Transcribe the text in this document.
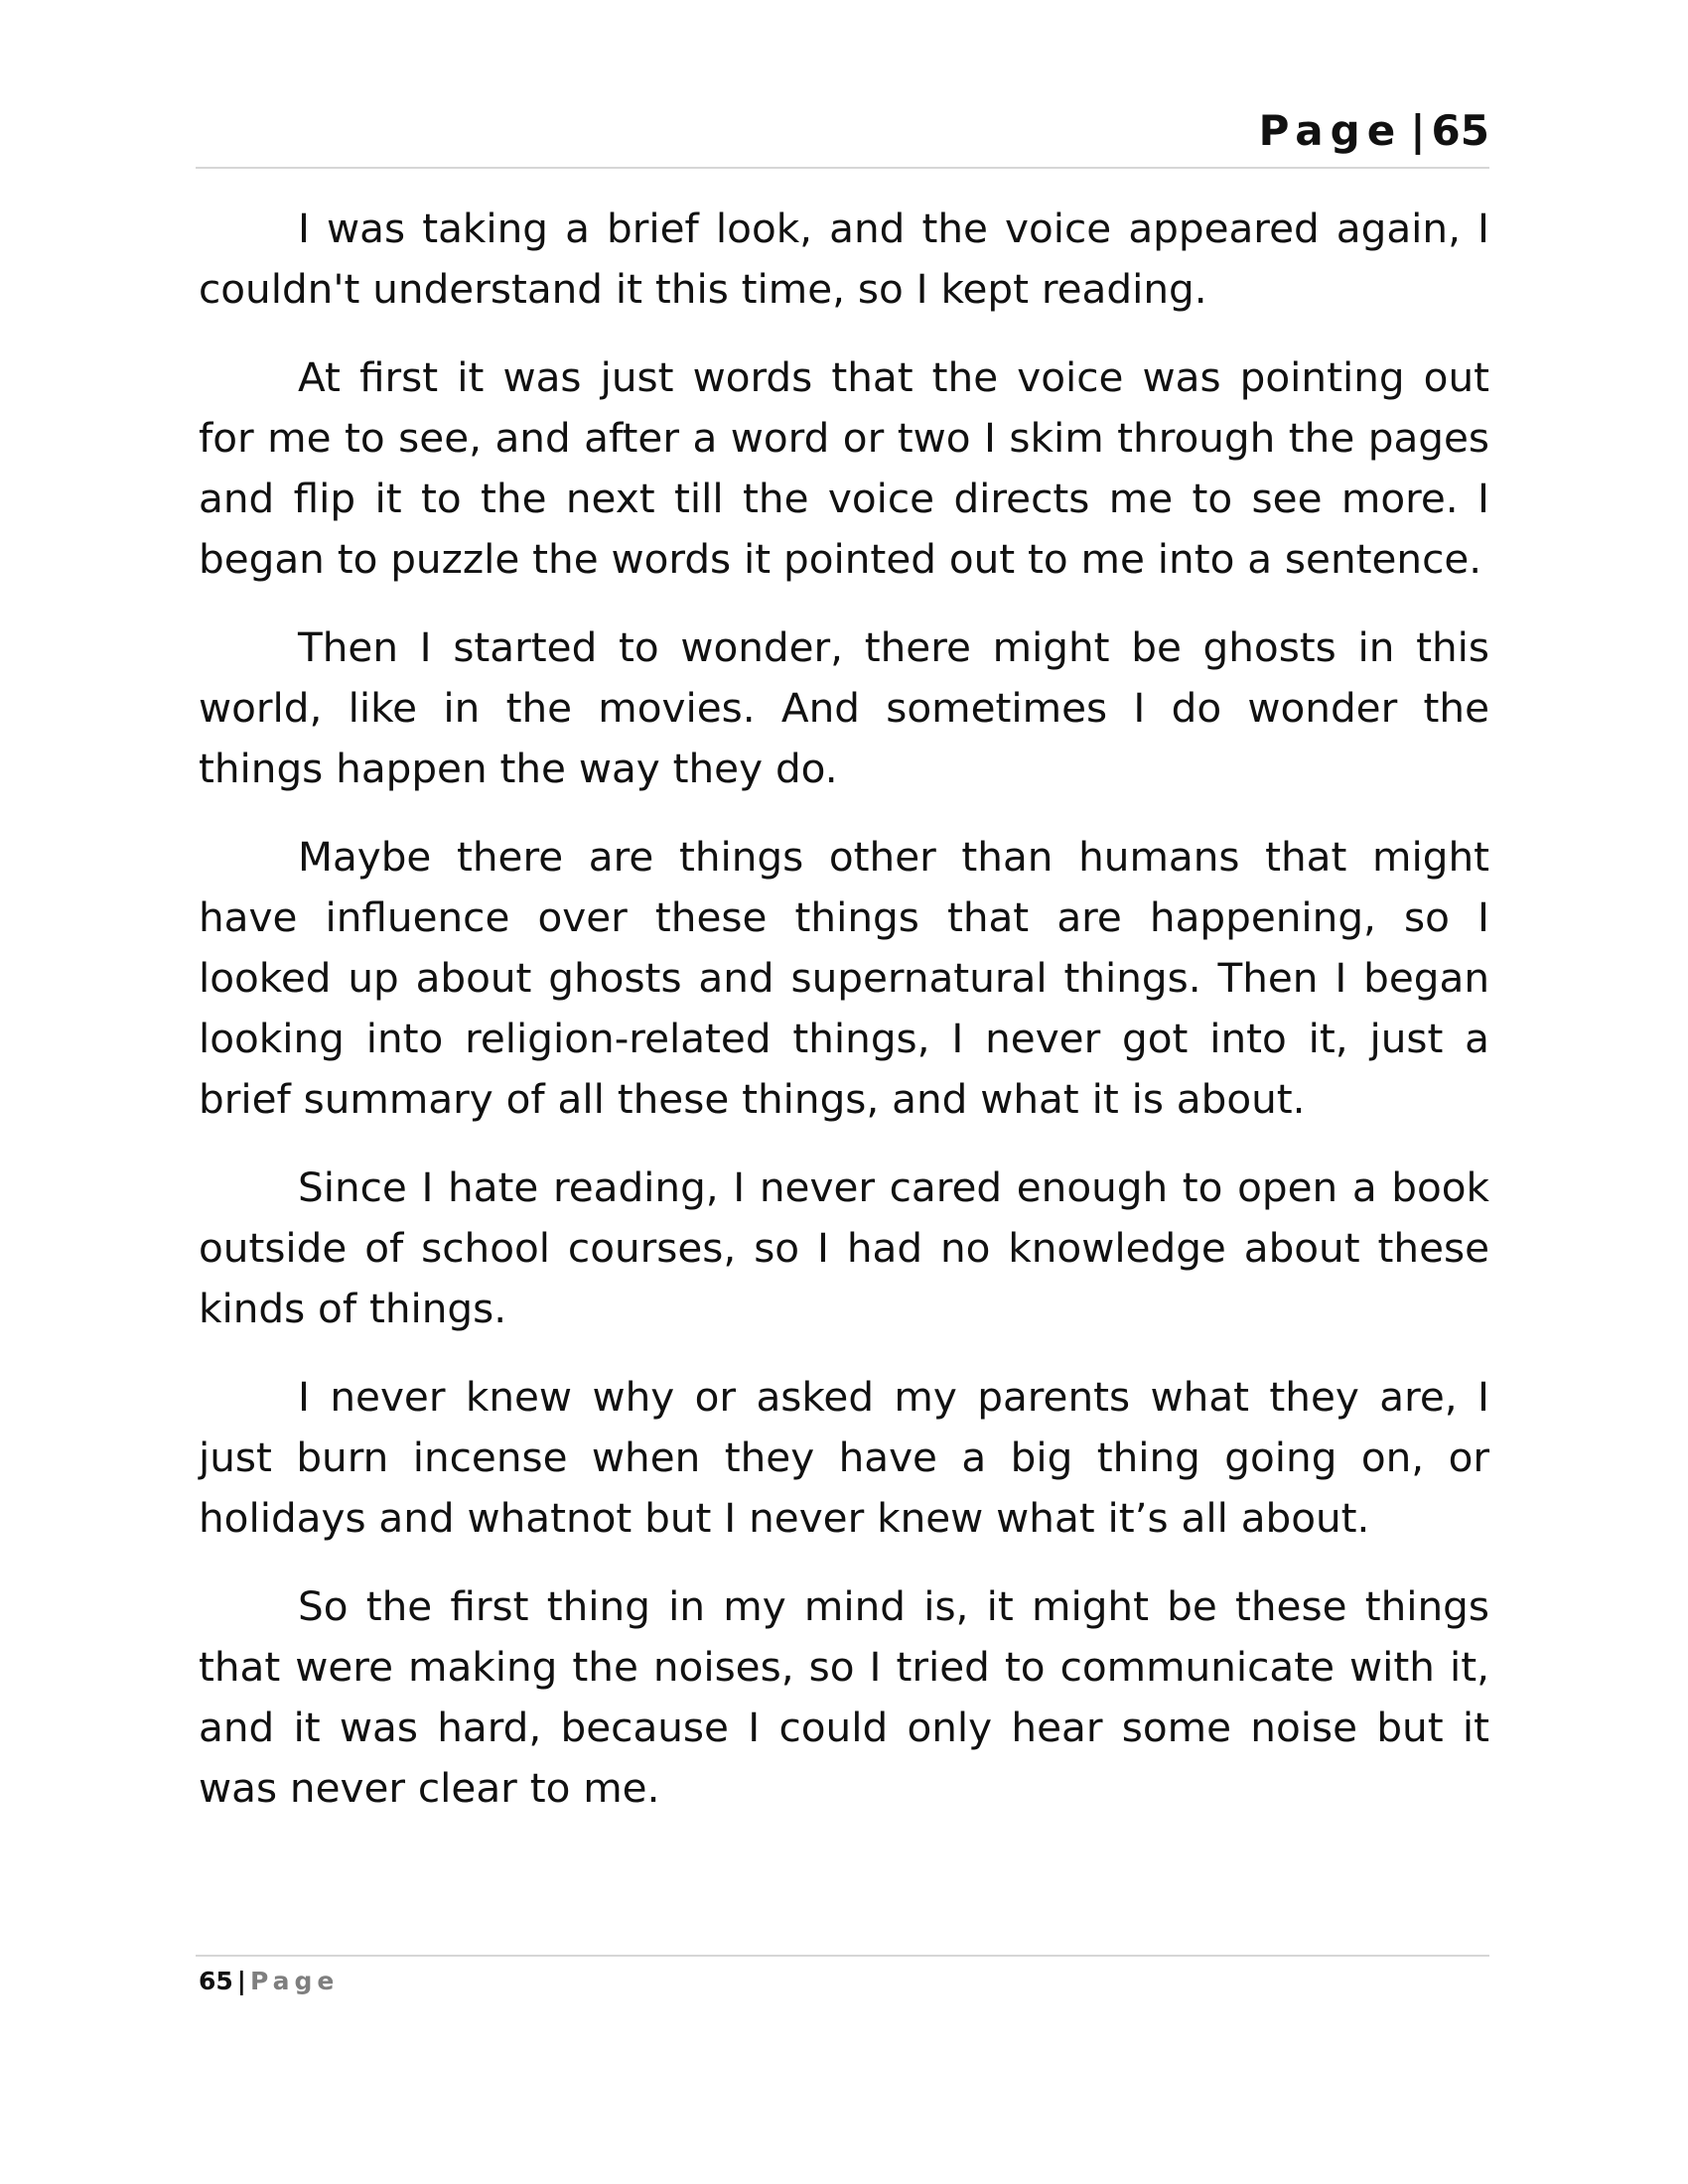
Page | 65

I was taking a brief look, and the voice appeared again, I couldn't understand it this time, so I kept reading.

At first it was just words that the voice was pointing out for me to see, and after a word or two I skim through the pages and flip it to the next till the voice directs me to see more. I began to puzzle the words it pointed out to me into a sentence.

Then I started to wonder, there might be ghosts in this world, like in the movies. And sometimes I do wonder the things happen the way they do.

Maybe there are things other than humans that might have influence over these things that are happening, so I looked up about ghosts and supernatural things. Then I began looking into religion-related things, I never got into it, just a brief summary of all these things, and what it is about.

Since I hate reading, I never cared enough to open a book outside of school courses, so I had no knowledge about these kinds of things.

I never knew why or asked my parents what they are, I just burn incense when they have a big thing going on, or holidays and whatnot but I never knew what it’s all about.

So the first thing in my mind is, it might be these things that were making the noises, so I tried to communicate with it, and it was hard, because I could only hear some noise but it was never clear to me.

65 | Page
